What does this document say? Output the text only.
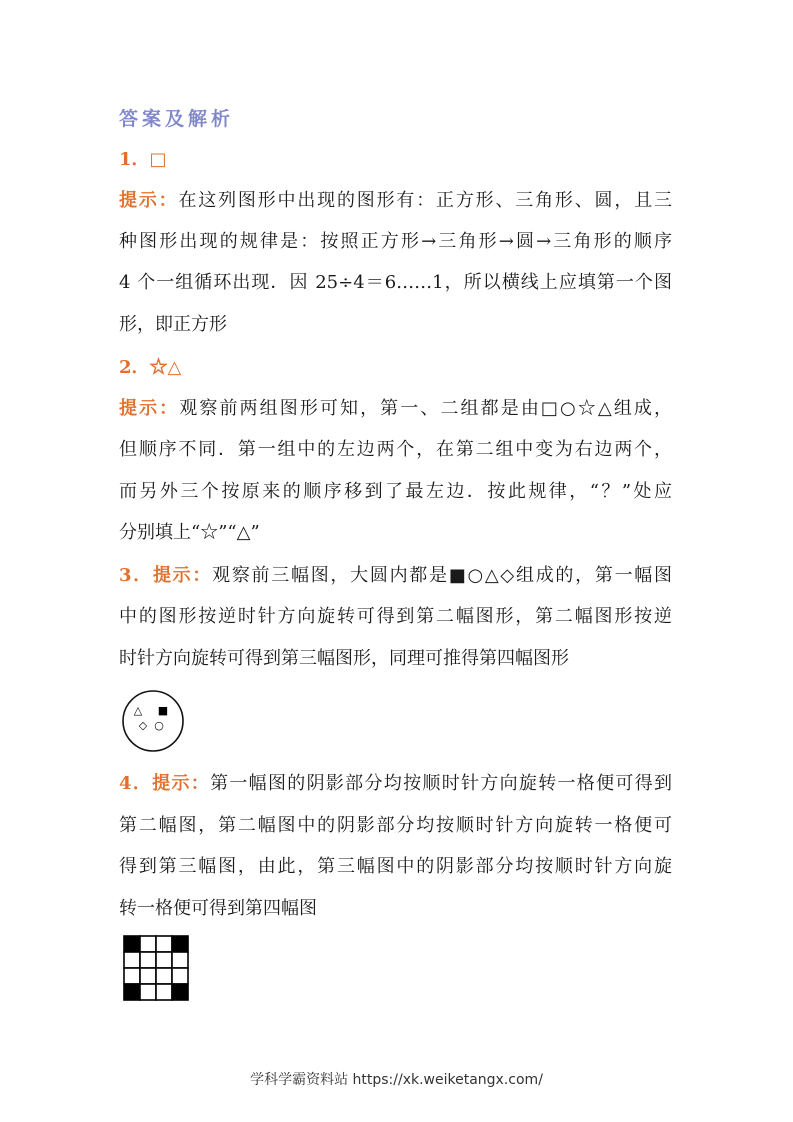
答案及解析
1．□
提示：在这列图形中出现的图形有：正方形、三角形、圆，且三
种图形出现的规律是：按照正方形→三角形→圆→三角形的顺序
4 个一组循环出现．因 25÷4＝6……1，所以横线上应填第一个图
形，即正方形
2．☆△
提示：观察前两组图形可知，第一、二组都是由□○☆△组成，
但顺序不同．第一组中的左边两个，在第二组中变为右边两个，
而另外三个按原来的顺序移到了最左边．按此规律，“？”处应
分别填上“☆”“△”
3．提示：观察前三幅图，大圆内都是■○△◇组成的，第一幅图
中的图形按逆时针方向旋转可得到第二幅图形，第二幅图形按逆
时针方向旋转可得到第三幅图形，同理可推得第四幅图形
△ ■
◇ ○
4．提示：第一幅图的阴影部分均按顺时针方向旋转一格便可得到
第二幅图，第二幅图中的阴影部分均按顺时针方向旋转一格便可
得到第三幅图，由此，第三幅图中的阴影部分均按顺时针方向旋
转一格便可得到第四幅图
学科学霸资料站 https://xk.weiketangx.com/
